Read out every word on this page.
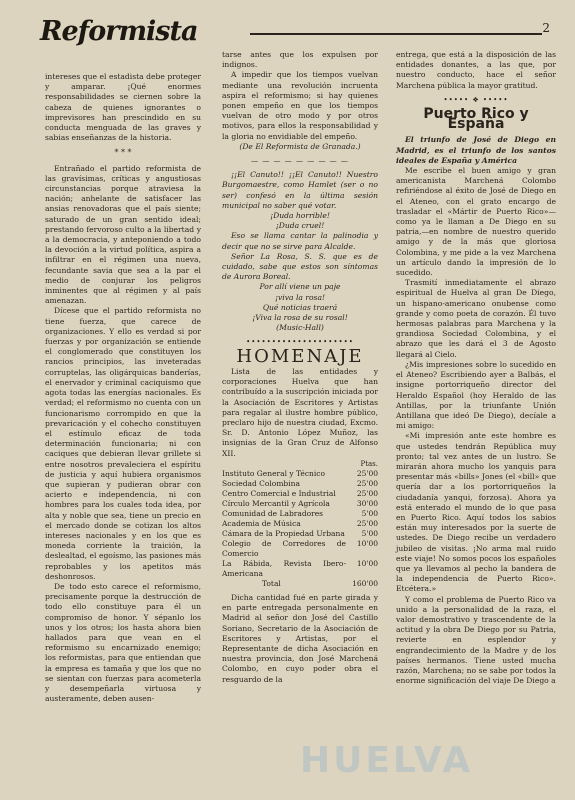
Reformista	2

intereses que el estadista debe proteger y amparar. ¡Qué enormes responsabilidades se ciernen sobre la cabeza de quienes ignorantes o imprevisores han prescindido en su conducta menguada de las graves y sabias enseñanzas de la historia.

* * *

Entrañado el partido reformista de las gravísimas, críticas y angustiosas circunstancias porque atraviesa la nación; anhelante de satisfacer las ansias renovadoras que el país siente; saturado de un gran sentido ideal; prestando fervoroso culto a la libertad y a la democracia, y anteponiendo a todo la devoción a la virtud política, aspira a infiltrar en el régimen una nueva, fecundante savia que sea a la par el medio de conjurar los peligros inminentes que al régimen y al país amenazan.

Dícese que el partido reformista no tiene fuerza, que carece de organizaciones. Y ello es verdad si por fuerzas y por organización se entiende el conglomerado que constituyen los rancios principios, las inveteradas corruptelas, las oligárquicas banderías, el enervador y criminal caciquismo que agota todas las energías nacionales. Es verdad; el reformismo no cuenta con un funcionarismo corrompido en que la prevaricación y el cohecho constituyen el estímulo eficaz de toda determinación funcionaria; ni con caciques que debieran llevar grillete si entre nosotros prevaleciera el espíritu de justicia y aquí hubiera organismos que supieran y pudieran obrar con acierto e independencia, ni con hombres para los cuales toda idea, por alta y noble que sea, tiene un precio en el mercado donde se cotizan los altos intereses nacionales y en los que es moneda corriente la traición, la deslealtad, el egoísmo, las pasiones más reprobables y los apetitos más deshonrosos.

De todo esto carece el reformismo, precisamente porque la destrucción de todo ello constituye para él un compromiso de honor. Y sépanlo los unos y los otros; los hasta ahora bien hallados para que vean en el reformismo su encarnizado enemigo; los reformistas, para que entiendan que la empresa es tamaña y que los que no se sientan con fuerzas para acometerla y desempeñarla virtuosa y austeramente, deben ausen-

tarse antes que los expulsen por indignos.

A impedir que los tiempos vuelvan mediante una revolución incruenta aspira el reformismo; si hay quienes ponen empeño en que los tiempos vuelvan de otro modo y por otros motivos, para ellos la responsabilidad y la gloria no envidiable del empeño.

(De El Reformista de Granada.)

— — — — — — — — —

¡¡El Canuto!! ¡¡El Canuto!! Nuestro Burgomaestre, como Hamlet (ser o no ser) confesó en la última sesión municipal no saber qué votar.

¡Duda horrible!

¡Duda cruel!

Eso se llama cantar la palinodia y decir que no se sirve para Alcalde.

Señor La Rosa, S. S. que es de cuidado, sabe que estos son síntomas de Aurora Boreal.

Por allí viene un paje

¡viva la rosa!

Qué noticias traerá

¡Viva la rosa de su rosal!

(Music-Hall)

•••••••••••••••••••••
HOMENAJE

Lista de las entidades y corporaciones Huelva que han contribuído a la suscripción iniciada por la Asociación de Escritores y Artistas para regalar al ilustre hombre público, preclaro hijo de nuestra ciudad, Excmo. Sr. D. Antonio López Muñoz, las insignias de la Gran Cruz de Alfonso XII.

Ptas.
Instituto General y Técnico	25'00
Sociedad Colombina	25'00
Centro Comercial e Industrial	25'00
Círculo Mercantil y Agrícola	30'00
Comunidad de Labradores	5'00
Academia de Música	25'00
Cámara de la Propiedad Urbana	5'00
Colegio de Corredores de Comercio	10'00
La Rábida, Revista Ibero-Americana	10'00
Total	160'00

Dicha cantidad fué en parte girada y en parte entregada personalmente en Madrid al señor don José del Castillo Soriano, Secretario de la Asociación de Escritores y Artistas, por el Representante de dicha Asociación en nuestra provincia, don José Marchená Colombo, en cuyo poder obra el resguardo de la

entrega, que está a la disposición de las entidades donantes, a las que, por nuestro conducto, hace el señor Marchena pública la mayor gratitud.

••••• ❖ •••••
Puerto Rico y España

El triunfo de José de Diego en Madrid, es el triunfo de los santos ideales de España y América

Me escribe el buen amigo y gran americanista Marchená Colombo refiriéndose al éxito de José de Diego en el Ateneo, con el grato encargo de trasladar el «Mártir de Puerto Rico»—como ya le llaman a De Diego en su patria,—en nombre de nuestro querido amigo y de la más que gloriosa Colombina, y me pide a la vez Marchena un artículo dando la impresión de lo sucedido.

Trasmití inmediatamente el abrazo espiritual de Huelva al gran De Diego, un hispano-americano onubense como grande y como poeta de corazón. Él tuvo hermosas palabras para Marchena y la grandiosa Sociedad Colombina, y el abrazo que les dará el 3 de Agosto llegará al Cielo.

¿Mis impresiones sobre lo sucedido en el Ateneo? Escribiendo ayer a Balbás, el insigne portorriqueño director del Heraldo Español (hoy Heraldo de las Antillas, por la triunfante Unión Antillana que ideó De Diego), decíale a mi amigo:

«Mi impresión ante este hombre es que ustedes tendrán República muy pronto; tal vez antes de un lustro. Se mirarán ahora mucho los yanquis para presentar más «bills» Jones (el «bill» que quería dar a los portorriqueños la ciudadanía yanqui, forzosa). Ahora ya está enterado el mundo de lo que pasa en Puerto Rico. Aquí todos los sabios están muy interesados por la suerte de ustedes. De Diego recibe un verdadero jubileo de visitas. ¡No arma mal ruido este viaje! No somos pocos los españoles que ya llevamos al pecho la bandera de la independencia de Puerto Rico». Etcétera.»

Y como el problema de Puerto Rico va unido a la personalidad de la raza, el valor demostrativo y trascendente de la actitud y la obra De Diego por su Patria, revierte en esplendor y engrandecimiento de la Madre y de los países hermanos. Tiene usted mucha razón, Marchena; no se sabe por todos la enorme significación del viaje De Diego a

HUELVA
